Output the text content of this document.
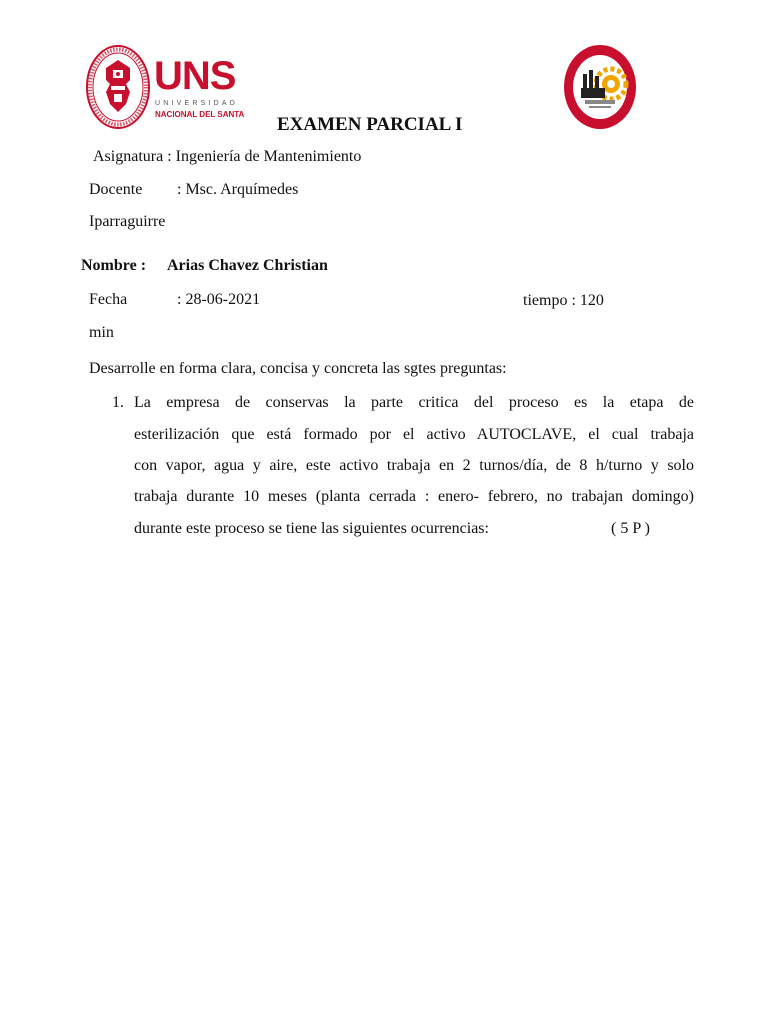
UNS
UNIVERSIDAD
NACIONAL DEL SANTA EXAMEN PARCIAL I
Asignatura : Ingeniería de Mantenimiento
Docente : Msc. Arquímedes
Iparraguirre
Nombre : Arias Chavez Christian
Fecha	: 28-06-2021	tiempo : 120
min
Desarrolle en forma clara, concisa y concreta las sgtes preguntas:
1. La empresa de conservas la parte critica del proceso es la etapa de
esterilización que está formado por el activo AUTOCLAVE, el cual trabaja
con vapor, agua y aire, este activo trabaja en 2 turnos/día, de 8 h/turno y solo
trabaja durante 10 meses (planta cerrada : enero- febrero, no trabajan domingo)
durante este proceso se tiene las siguientes ocurrencias:	( 5 P )
